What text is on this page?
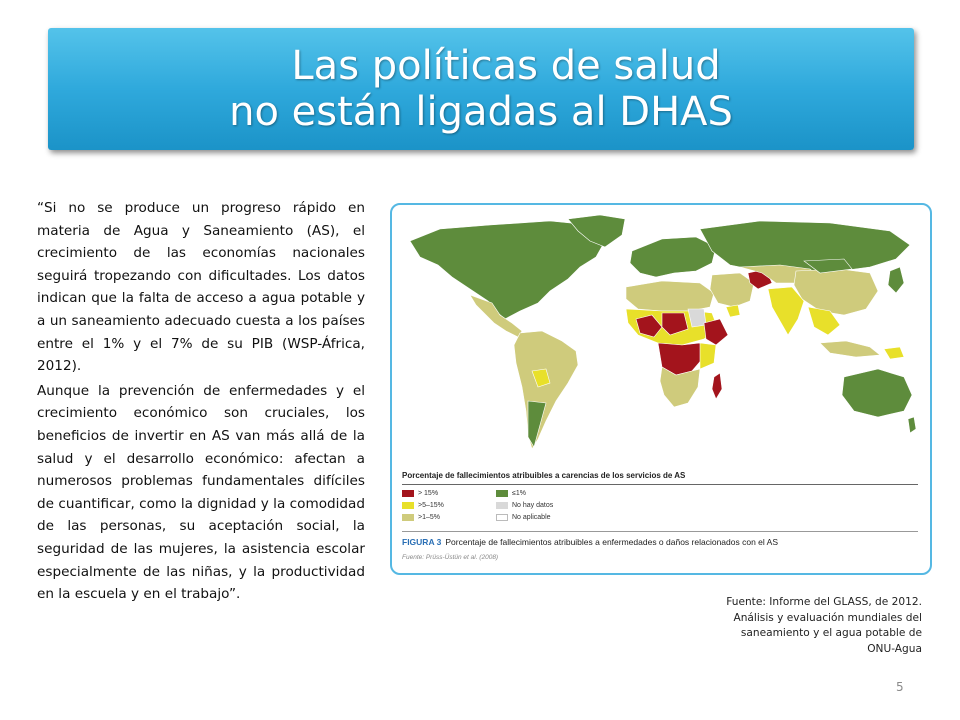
Las políticas de salud
no están ligadas al DHAS

“Si no se produce un progreso rápido en materia de Agua y Saneamiento (AS), el crecimiento de las economías nacionales seguirá tropezando con dificultades. Los datos indican que la falta de acceso a agua potable y a un saneamiento adecuado cuesta a los países entre el 1% y el 7% de su PIB (WSP-África, 2012).

Aunque la prevención de enfermedades y el crecimiento económico son cruciales, los beneficios de invertir en AS van más allá de la salud y el desarrollo económico: afectan a numerosos problemas fundamentales difíciles de cuantificar, como la dignidad y la comodidad de las personas, su aceptación social, la seguridad de las mujeres, la asistencia escolar especialmente de las niñas, y la productividad en la escuela y en el trabajo”.

Porcentaje de fallecimientos atribuibles a carencias de los servicios de AS
> 15%
>5–15%
>1–5%
≤1%
No hay datos
No aplicable
FIGURA 3 Porcentaje de fallecimientos atribuibles a enfermedades o daños relacionados con el AS
Fuente: Prüss-Üstün et al. (2008)
Fuente: Informe del GLASS, de 2012.
Análisis y evaluación mundiales del
saneamiento y el agua potable de
ONU-Agua
5
